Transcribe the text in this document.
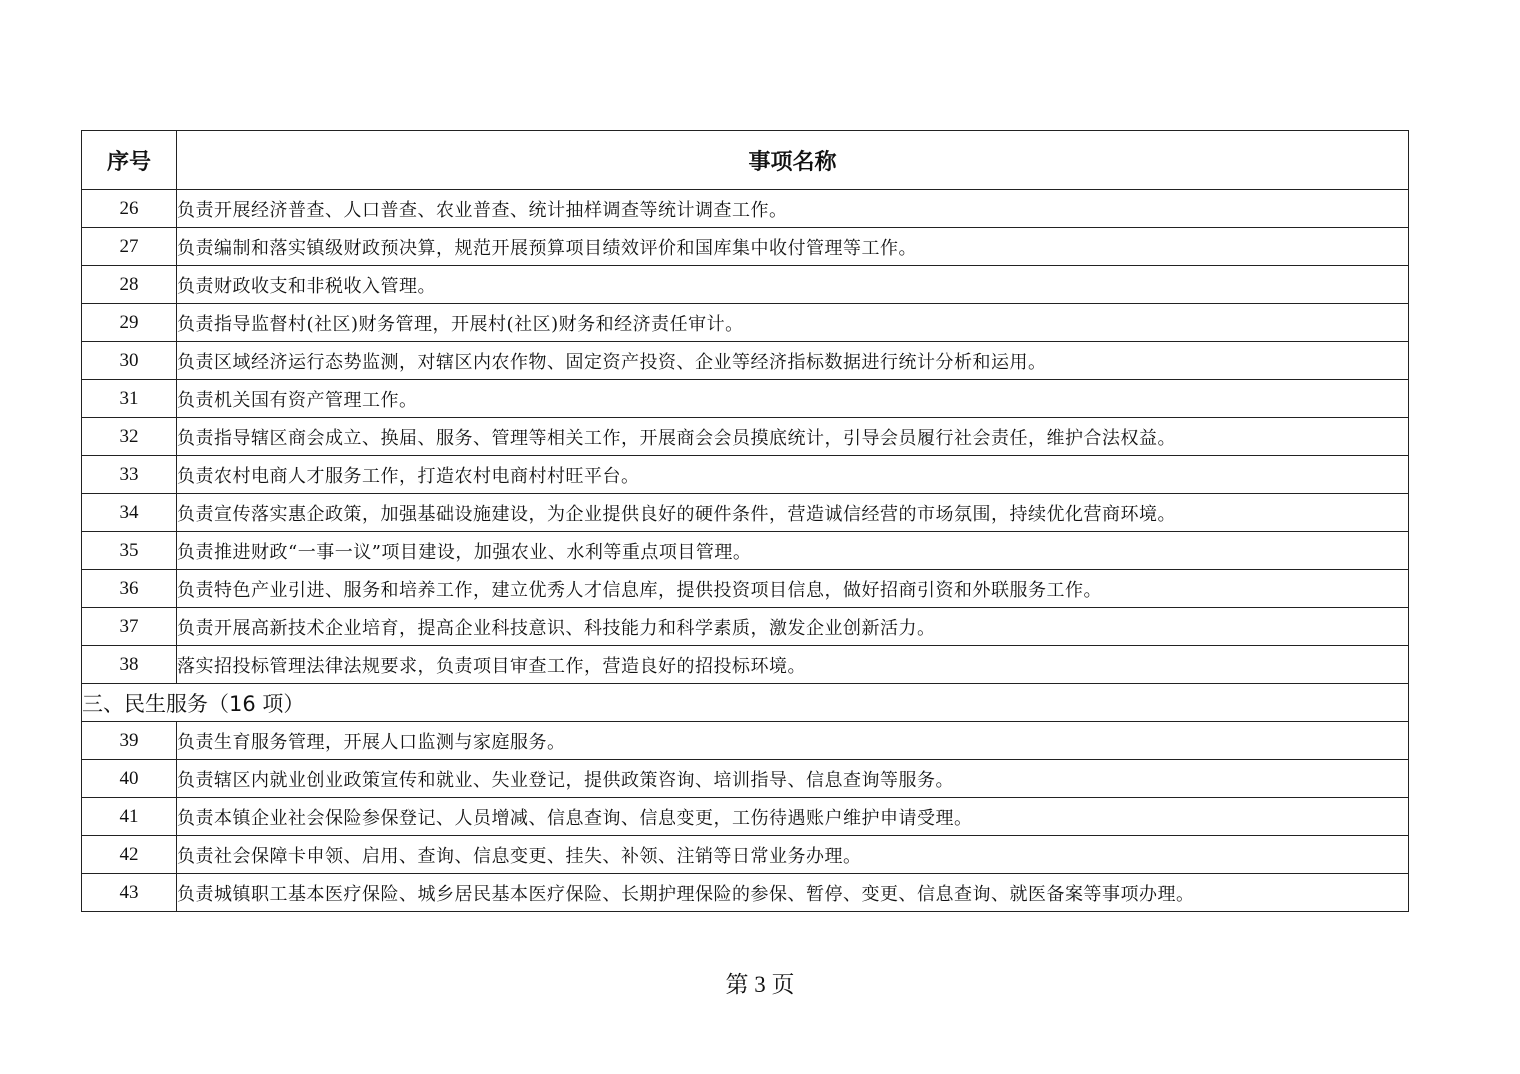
序号	事项名称
26	负责开展经济普查、人口普查、农业普查、统计抽样调查等统计调查工作。
27	负责编制和落实镇级财政预决算，规范开展预算项目绩效评价和国库集中收付管理等工作。
28	负责财政收支和非税收入管理。
29	负责指导监督村(社区)财务管理，开展村(社区)财务和经济责任审计。
30	负责区域经济运行态势监测，对辖区内农作物、固定资产投资、企业等经济指标数据进行统计分析和运用。
31	负责机关国有资产管理工作。
32	负责指导辖区商会成立、换届、服务、管理等相关工作，开展商会会员摸底统计，引导会员履行社会责任，维护合法权益。
33	负责农村电商人才服务工作，打造农村电商村村旺平台。
34	负责宣传落实惠企政策，加强基础设施建设，为企业提供良好的硬件条件，营造诚信经营的市场氛围，持续优化营商环境。
35	负责推进财政“一事一议”项目建设，加强农业、水利等重点项目管理。
36	负责特色产业引进、服务和培养工作，建立优秀人才信息库，提供投资项目信息，做好招商引资和外联服务工作。
37	负责开展高新技术企业培育，提高企业科技意识、科技能力和科学素质，激发企业创新活力。
38	落实招投标管理法律法规要求，负责项目审查工作，营造良好的招投标环境。
三、民生服务（16 项）	
39	负责生育服务管理，开展人口监测与家庭服务。
40	负责辖区内就业创业政策宣传和就业、失业登记，提供政策咨询、培训指导、信息查询等服务。
41	负责本镇企业社会保险参保登记、人员增减、信息查询、信息变更，工伤待遇账户维护申请受理。
42	负责社会保障卡申领、启用、查询、信息变更、挂失、补领、注销等日常业务办理。
43	负责城镇职工基本医疗保险、城乡居民基本医疗保险、长期护理保险的参保、暂停、变更、信息查询、就医备案等事项办理。
第 3 页
